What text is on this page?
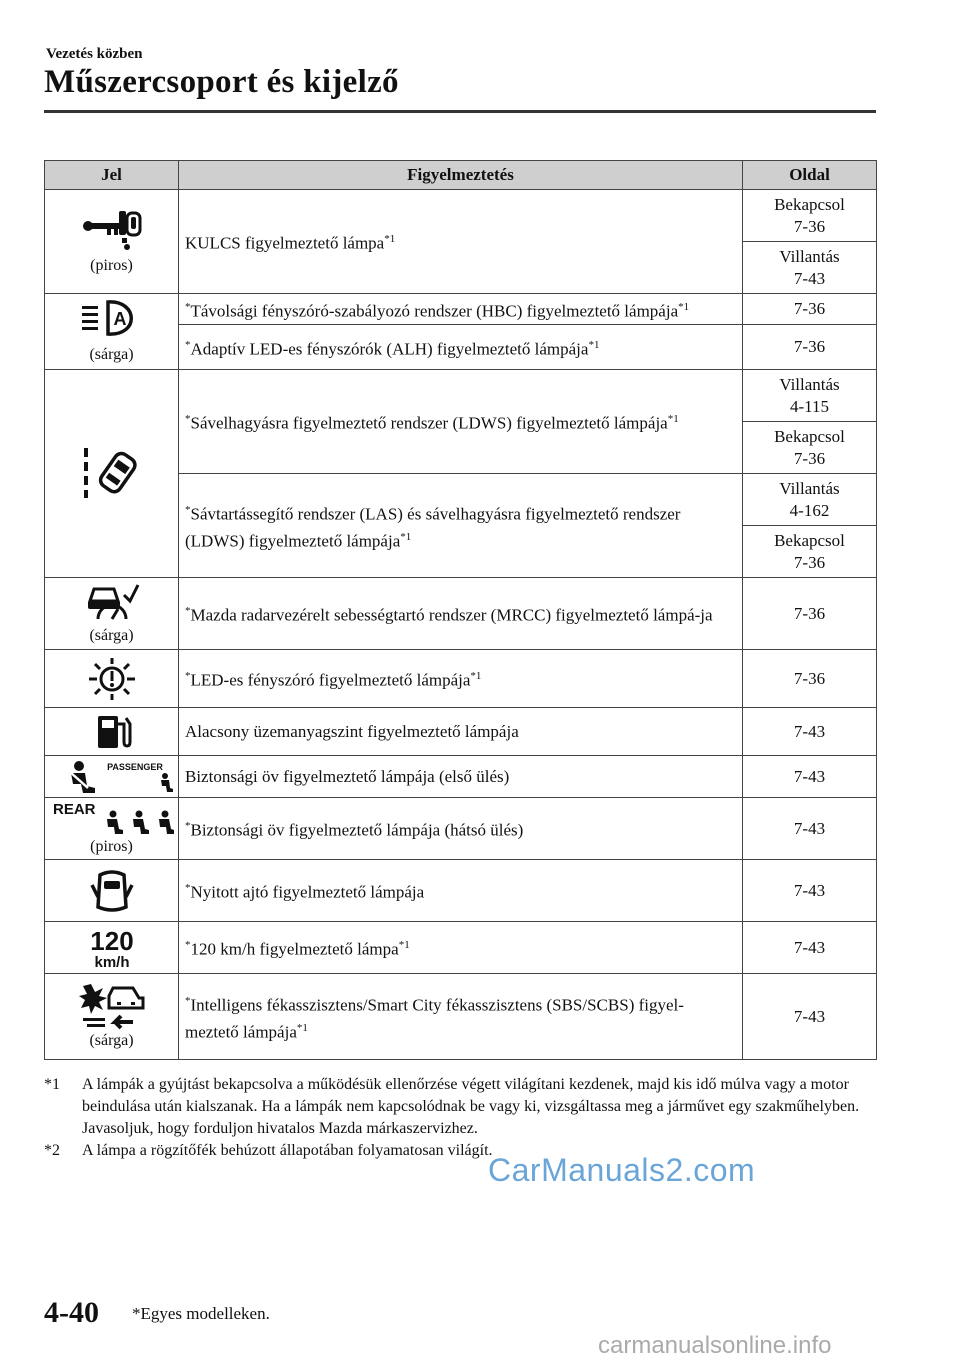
Vezetés közben
Műszercsoport és kijelző
Jel	Figyelmeztetés	Oldal

(piros)	KULCS figyelmeztető lámpa$^{*1}$	Bekapcsol
7-36
		Villantás
7-43

A
(sárga)	*Távolsági fényszóró-szabályozó rendszer (HBC) figyelmeztető lámpája$^{*1}$	7-36
	*Adaptív LED-es fényszórók (ALH) figyelmeztető lámpája$^{*1}$	7-36

	*Sávelhagyásra figyelmeztető rendszer (LDWS) figyelmeztető lámpája$^{*1}$	Villantás
4-115
		Bekapcsol
7-36
	*Sávtartássegítő rendszer (LAS) és sávelhagyásra figyelmeztető rendszer (LDWS) figyelmeztető lámpája$^{*1}$	Villantás
4-162
		Bekapcsol
7-36

(sárga)	*Mazda radarvezérelt sebességtartó rendszer (MRCC) figyelmeztető lámpá-ja	7-36

	*LED-es fényszóró figyelmeztető lámpája$^{*1}$	7-36

	Alacsony üzemanyagszint figyelmeztető lámpája	7-43

PASSENGER	Biztonsági öv figyelmeztető lámpája (első ülés)	7-43

REAR
(piros)	*Biztonsági öv figyelmeztető lámpája (hátsó ülés)	7-43

	*Nyitott ajtó figyelmeztető lámpája	7-43

120
km/h	*120 km/h figyelmeztető lámpa$^{*1}$	7-43

(sárga)	*Intelligens fékasszisztens/Smart City fékasszisztens (SBS/SCBS) figyel-meztető lámpája$^{*1}$	7-43
*1 A lámpák a gyújtást bekapcsolva a működésük ellenőrzése végett világítani kezdenek, majd kis idő múlva vagy a motor beindulása után kialszanak. Ha a lámpák nem kapcsolódnak be vagy ki, vizsgáltassa meg a járművet egy szakműhelyben. Javasoljuk, hogy forduljon hivatalos Mazda márkaszervizhez.
*2 A lámpa a rögzítőfék behúzott állapotában folyamatosan világít.
CarManuals2.com
4-40 *Egyes modelleken.
carmanualsonline.info
